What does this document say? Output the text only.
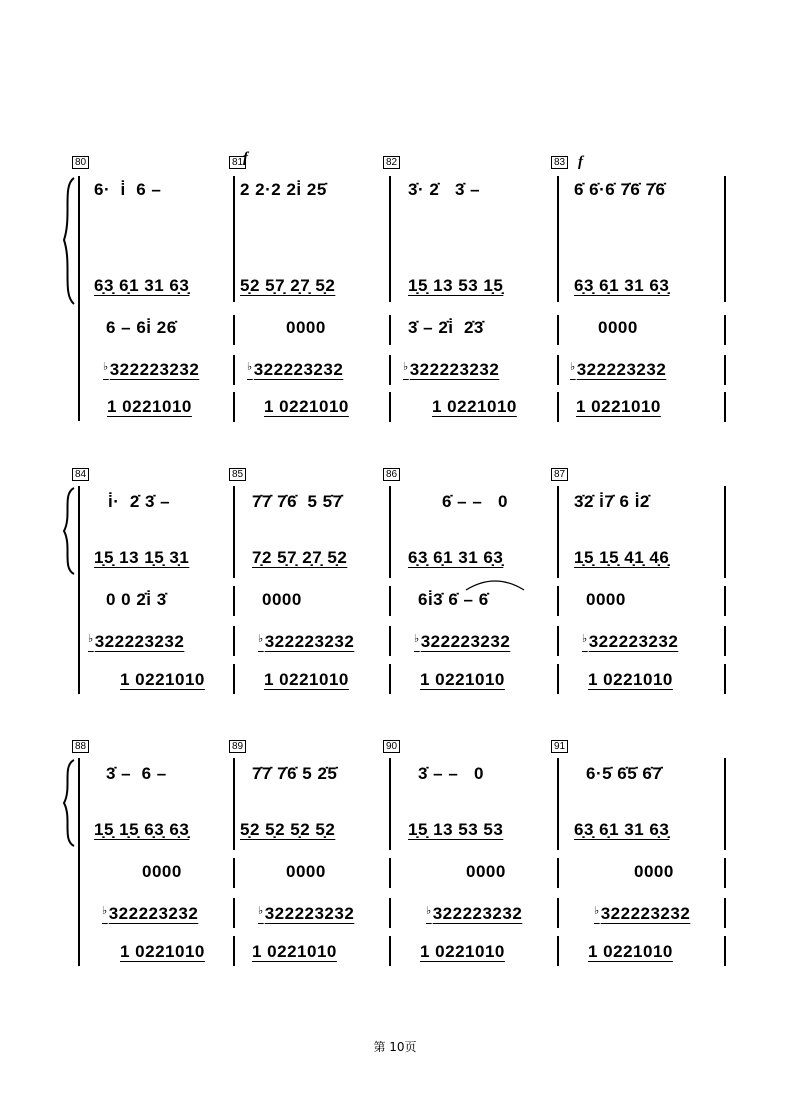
80	81	82	83
f	f
6·  i̇  6 –	2 2·2 2i̇ 25̇	3̇· 2̇   3̇ –	6̇ 6̇·6̇ 7̇6̇ 7̇6̇
6̣3̣ 6̣1 31 6̣3̣	5̣2 5̣7̣ 2̣7̣ 5̣2	1̣5̣ 13 53 1̣5̣	6̣3̣ 6̣1 31 6̣3̣
6 – 6i̇ 26̇	0000	3̇ – 2̇i̇  2̇3̇	0000
♭322223232	♭322223232	♭322223232	♭322223232
1 0221010	1 0221010	1 0221010	1 0221010
84	85	86	87
i̇·  2̇ 3̇ –	7̇7̇ 7̇6̇  5 5̇7̇	6̇ – –   0	3̇2̇ i̇7̇ 6 i̇2̇
1̣5̣ 13 1̣5̣ 3̣1	7̣2 5̣7̣ 2̣7̣ 5̣2	6̣3̣ 6̣1 31 6̣3̣	1̣5̣ 1̣5̣ 4̣1̣ 4̣6̣
0 0 2̇i̇ 3̇	0000	6i̇3̇ 6̇ – 6̇	0000
♭322223232	♭322223232	♭322223232	♭322223232
1 0221010	1 0221010	1 0221010	1 0221010
88	89	90	91
3̇ –  6 –	7̇7̇ 7̇6̇ 5 2̇5̇	3̇ – –   0	6·5̇ 6̇5̇ 6̇7̇
1̣5̣ 1̣5̣ 6̣3̣ 6̣3̣	5̣2 5̣2 5̣2 5̣2	1̣5̣ 13 53 53	6̣3̣ 6̣1 31 6̣3̣
0000	0000	0000	0000
♭322223232	♭322223232	♭322223232	♭322223232
1 0221010	1 0221010	1 0221010	1 0221010
第 10页
